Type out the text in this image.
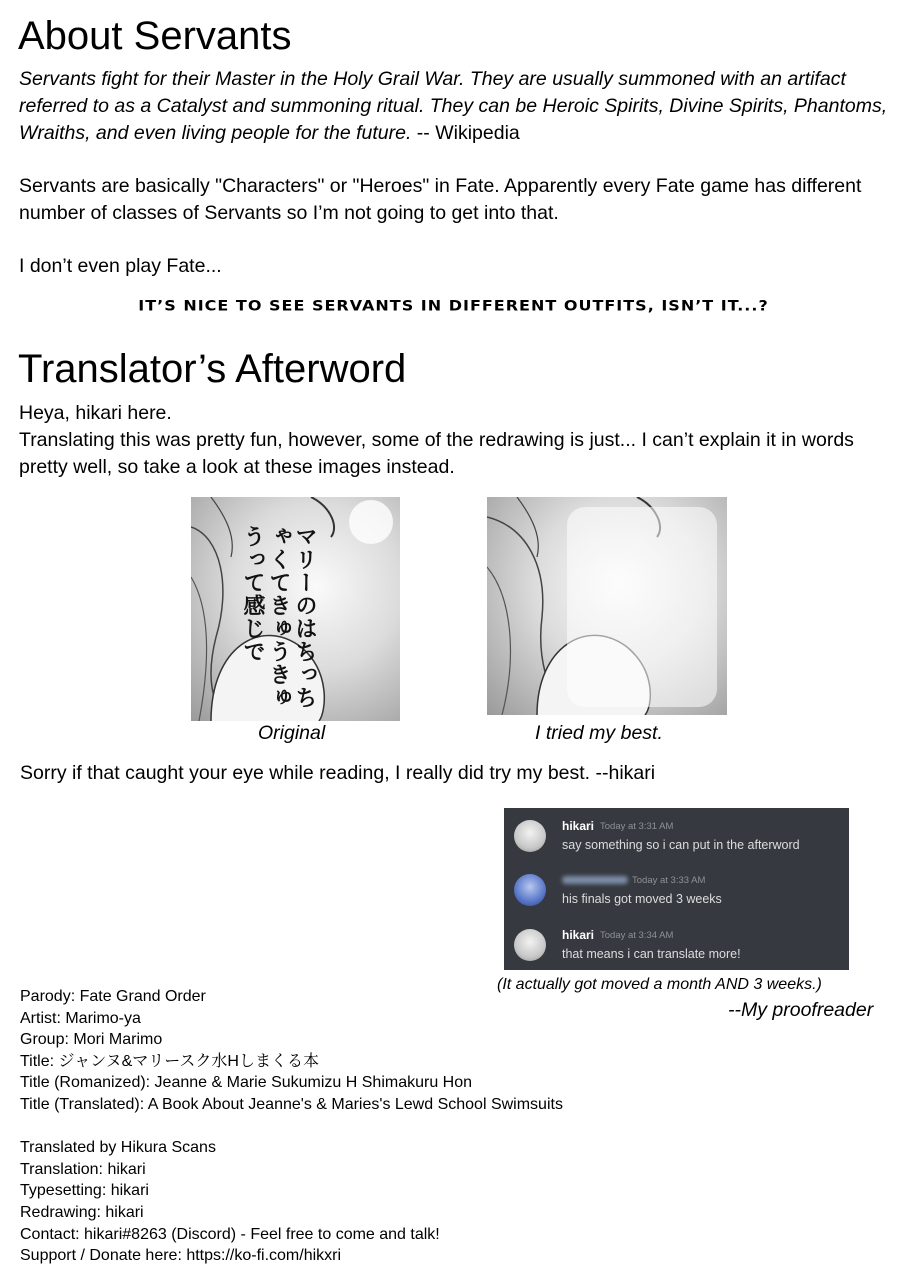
About Servants
Servants fight for their Master in the Holy Grail War. They are usually summoned with an artifact referred to as a Catalyst and summoning ritual. They can be Heroic Spirits, Divine Spirits, Phantoms, Wraiths, and even living people for the future. -- Wikipedia
Servants are basically "Characters" or "Heroes" in Fate. Apparently every Fate game has different number of classes of Servants so I’m not going to get into that.
I don’t even play Fate...
IT’S NICE TO SEE SERVANTS IN DIFFERENT OUTFITS, ISN’T IT...?
Translator’s Afterword
Heya, hikari here.
Translating this was pretty fun, however, some of the redrawing is just... I can’t explain it in words pretty well, so take a look at these images instead.
マリーのはちっちゃくてきゅうきゅうって感じで
Original	I tried my best.
Sorry if that caught your eye while reading, I really did try my best. --hikari
hikari Today at 3:31 AM
say something so i can put in the afterword
Today at 3:33 AM
his finals got moved 3 weeks
hikari Today at 3:34 AM
that means i can translate more!
(It actually got moved a month AND 3 weeks.)
--My proofreader
Parody: Fate Grand Order
Artist: Marimo-ya
Group: Mori Marimo
Title: ジャンヌ&マリースク水Hしまくる本
Title (Romanized): Jeanne & Marie Sukumizu H Shimakuru Hon
Title (Translated): A Book About Jeanne's & Maries's Lewd School Swimsuits
Translated by Hikura Scans
Translation: hikari
Typesetting: hikari
Redrawing: hikari
Contact: hikari#8263 (Discord) - Feel free to come and talk!
Support / Donate here: https://ko-fi.com/hikxri
